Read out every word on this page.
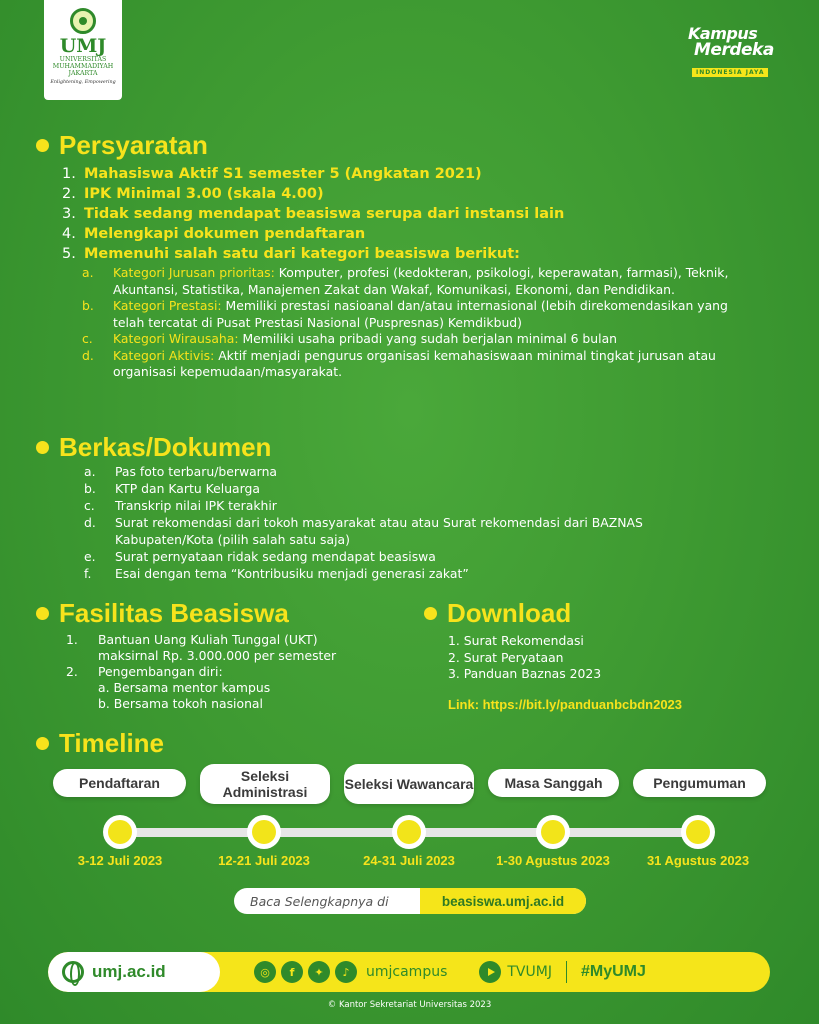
UMJ
UNIVERSITAS
MUHAMMADIYAH
JAKARTA
Enlightening, Empowering
Kampus
Merdeka
INDONESIA JAYA
Persyaratan
1. Mahasiswa Aktif S1 semester 5 (Angkatan 2021)
2. IPK Minimal 3.00 (skala 4.00)
3. Tidak sedang mendapat beasiswa serupa dari instansi lain
4. Melengkapi dokumen pendaftaran
5. Memenuhi salah satu dari kategori beasiswa berikut:
a.	Kategori Jurusan prioritas: Komputer, profesi (kedokteran, psikologi, keperawatan, farmasi), Teknik, Akuntansi, Statistika, Manajemen Zakat dan Wakaf, Komunikasi, Ekonomi, dan Pendidikan.
b.	Kategori Prestasi: Memiliki prestasi nasioanal dan/atau internasional (lebih direkomendasikan yang telah tercatat di Pusat Prestasi Nasional (Puspresnas) Kemdikbud)
c.	Kategori Wirausaha: Memiliki usaha pribadi yang sudah berjalan minimal 6 bulan
d.	Kategori Aktivis: Aktif menjadi pengurus organisasi kemahasiswaan minimal tingkat jurusan atau organisasi kepemudaan/masyarakat.
Berkas/Dokumen
a.	Pas foto terbaru/berwarna
b.	KTP dan Kartu Keluarga
c.	Transkrip nilai IPK terakhir
d.	Surat rekomendasi dari tokoh masyarakat atau atau Surat rekomendasi dari BAZNAS Kabupaten/Kota (pilih salah satu saja)
e.	Surat pernyataan ridak sedang mendapat beasiswa
f.	Esai dengan tema “Kontribusiku menjadi generasi zakat”
Fasilitas Beasiswa
1.	Bantuan Uang Kuliah Tunggal (UKT) maksirnal Rp. 3.000.000 per semester
2.	Pengembangan diri:
a. Bersama mentor kampus
b. Bersama tokoh nasional
Download
1. Surat Rekomendasi
2. Surat Peryataan
3. Panduan Baznas 2023
Link: https://bit.ly/panduanbcbdn2023
Timeline
Pendaftaran	Seleksi Administrasi	Seleksi Wawancara	Masa Sanggah	Pengumuman
3-12 Juli 2023	12-21 Juli 2023	24-31 Juli 2023	1-30 Agustus 2023	31 Agustus 2023
Baca Selengkapnya di	beasiswa.umj.ac.id
umj.ac.id	◎	f	✦	♪	umjcampus	TVUMJ #MyUMJ
© Kantor Sekretariat Universitas 2023
